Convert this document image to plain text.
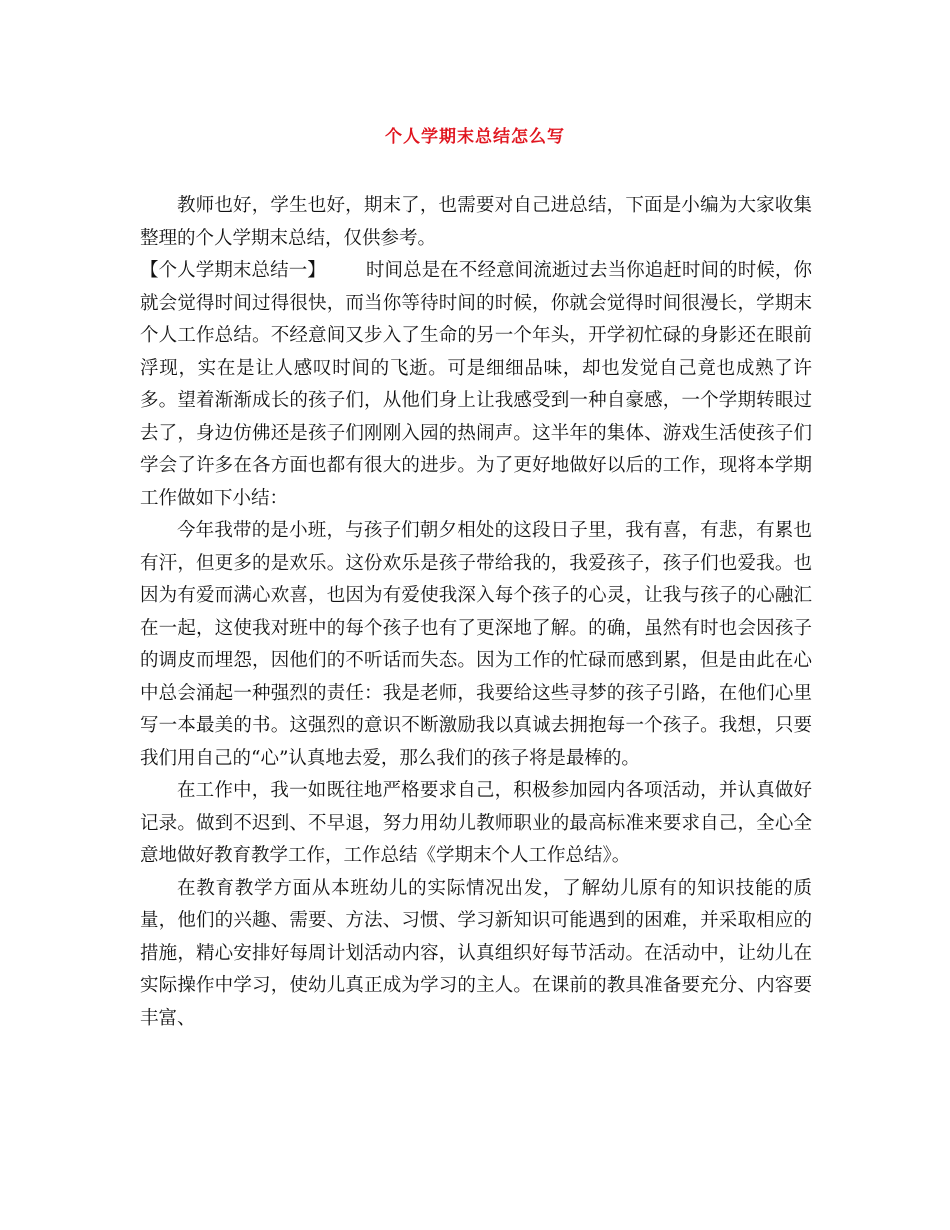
个人学期末总结怎么写

教师也好，学生也好，期末了，也需要对自己进总结，下面是小编为大家收集整理的个人学期末总结，仅供参考。

【个人学期末总结一】 时间总是在不经意间流逝过去当你追赶时间的时候，你就会觉得时间过得很快，而当你等待时间的时候，你就会觉得时间很漫长，学期末个人工作总结。不经意间又步入了生命的另一个年头，开学初忙碌的身影还在眼前浮现，实在是让人感叹时间的飞逝。可是细细品味，却也发觉自己竟也成熟了许多。望着渐渐成长的孩子们，从他们身上让我感受到一种自豪感，一个学期转眼过去了，身边仿佛还是孩子们刚刚入园的热闹声。这半年的集体、游戏生活使孩子们学会了许多在各方面也都有很大的进步。为了更好地做好以后的工作，现将本学期工作做如下小结：

今年我带的是小班，与孩子们朝夕相处的这段日子里，我有喜，有悲，有累也有汗，但更多的是欢乐。这份欢乐是孩子带给我的，我爱孩子，孩子们也爱我。也因为有爱而满心欢喜，也因为有爱使我深入每个孩子的心灵，让我与孩子的心融汇在一起，这使我对班中的每个孩子也有了更深地了解。的确，虽然有时也会因孩子的调皮而埋怨，因他们的不听话而失态。因为工作的忙碌而感到累，但是由此在心中总会涌起一种强烈的责任：我是老师，我要给这些寻梦的孩子引路，在他们心里写一本最美的书。这强烈的意识不断激励我以真诚去拥抱每一个孩子。我想，只要我们用自己的“心”认真地去爱，那么我们的孩子将是最棒的。

在工作中，我一如既往地严格要求自己，积极参加园内各项活动，并认真做好记录。做到不迟到、不早退，努力用幼儿教师职业的最高标准来要求自己，全心全意地做好教育教学工作，工作总结《学期末个人工作总结》。

在教育教学方面从本班幼儿的实际情况出发，了解幼儿原有的知识技能的质量，他们的兴趣、需要、方法、习惯、学习新知识可能遇到的困难，并采取相应的措施，精心安排好每周计划活动内容，认真组织好每节活动。在活动中，让幼儿在实际操作中学习，使幼儿真正成为学习的主人。在课前的教具准备要充分、内容要丰富、
